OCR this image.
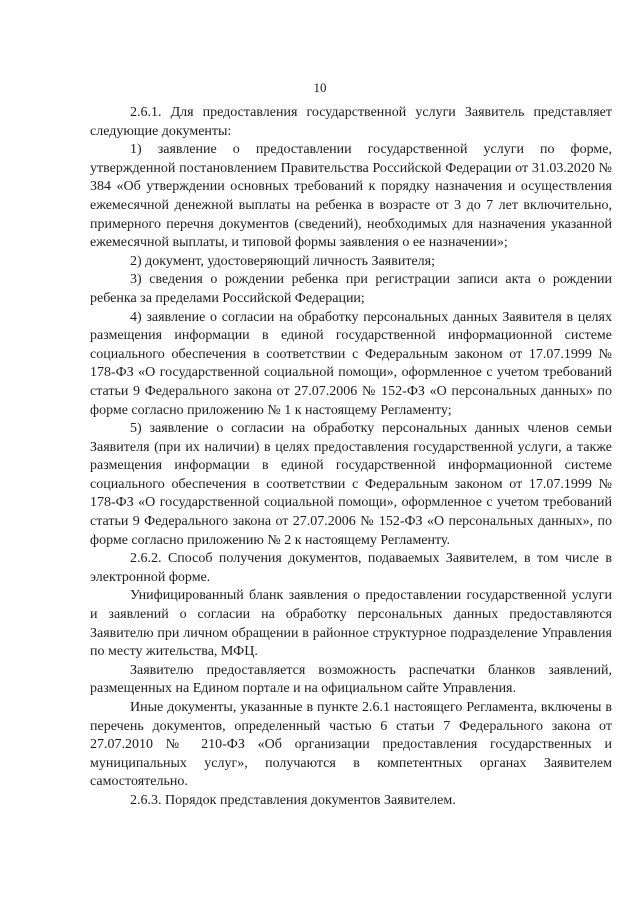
10

2.6.1. Для предоставления государственной услуги Заявитель представляет следующие документы:

1) заявление о предоставлении государственной услуги по форме, утвержденной постановлением Правительства Российской Федерации от 31.03.2020 № 384 «Об утверждении основных требований к порядку назначения и осуществления ежемесячной денежной выплаты на ребенка в возрасте от 3 до 7 лет включительно, примерного перечня документов (сведений), необходимых для назначения указанной ежемесячной выплаты, и типовой формы заявления о ее назначении»;

2) документ, удостоверяющий личность Заявителя;

3) сведения о рождении ребенка при регистрации записи акта о рождении ребенка за пределами Российской Федерации;

4) заявление о согласии на обработку персональных данных Заявителя в целях размещения информации в единой государственной информационной системе социального обеспечения в соответствии с Федеральным законом от 17.07.1999 № 178-ФЗ «О государственной социальной помощи», оформленное с учетом требований статьи 9 Федерального закона от 27.07.2006 № 152-ФЗ «О персональных данных» по форме согласно приложению № 1 к настоящему Регламенту;

5) заявление о согласии на обработку персональных данных членов семьи Заявителя (при их наличии) в целях предоставления государственной услуги, а также размещения информации в единой государственной информационной системе социального обеспечения в соответствии с Федеральным законом от 17.07.1999 № 178-ФЗ «О государственной социальной помощи», оформленное с учетом требований статьи 9 Федерального закона от 27.07.2006 № 152-ФЗ «О персональных данных», по форме согласно приложению № 2 к настоящему Регламенту.

2.6.2. Способ получения документов, подаваемых Заявителем, в том числе в электронной форме.

Унифицированный бланк заявления о предоставлении государственной услуги и заявлений о согласии на обработку персональных данных предоставляются Заявителю при личном обращении в районное структурное подразделение Управления по месту жительства, МФЦ.

Заявителю предоставляется возможность распечатки бланков заявлений, размещенных на Едином портале и на официальном сайте Управления.

Иные документы, указанные в пункте 2.6.1 настоящего Регламента, включены в перечень документов, определенный частью 6 статьи 7 Федерального закона от 27.07.2010 № 210-ФЗ «Об организации предоставления государственных и муниципальных услуг», получаются в компетентных органах Заявителем самостоятельно.

2.6.3. Порядок представления документов Заявителем.
